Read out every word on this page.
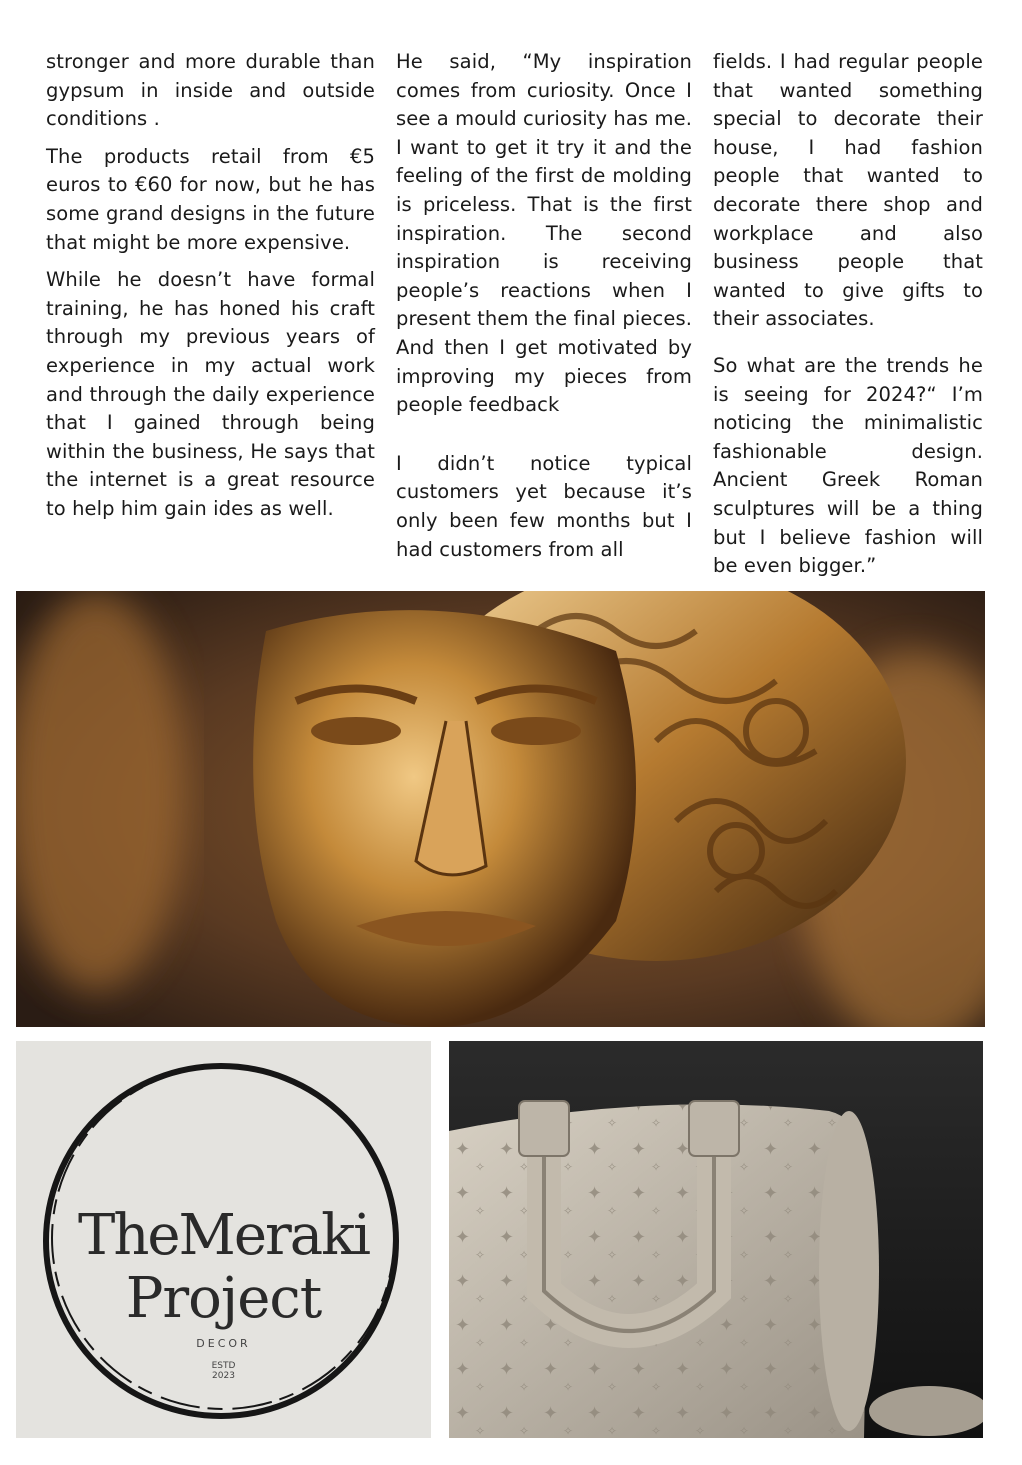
stronger and more durable than gypsum in inside and outside conditions .

The products retail from €5 euros to €60 for now, but he has some grand designs in the future that might be more expensive.

While he doesn’t have formal training, he has honed his craft through my previous years of experience in my actual work and through the daily experience that I gained through being within the business, He says that the internet is a great resource to help him gain ides as well.

He said, “My inspiration comes from curiosity. Once I see a mould curiosity has me. I want to get it try it and the feeling of the first de molding is priceless. That is the first inspiration. The second inspiration is receiving people’s reactions when I present them the final pieces. And then I get motivated by improving my pieces from people feedback

I didn’t notice typical customers yet because it’s only been few months but I had customers from all

fields. I had regular people that wanted something special to decorate their house, I had fashion people that wanted to decorate there shop and workplace and also business people that wanted to give gifts to their associates.

So what are the trends he is seeing for 2024?“ I’m noticing the minimalistic fashionable design. Ancient Greek Roman sculptures will be a thing but I believe fashion will be even bigger.”

TheMeraki
Project
DECOR
ESTD
2023
